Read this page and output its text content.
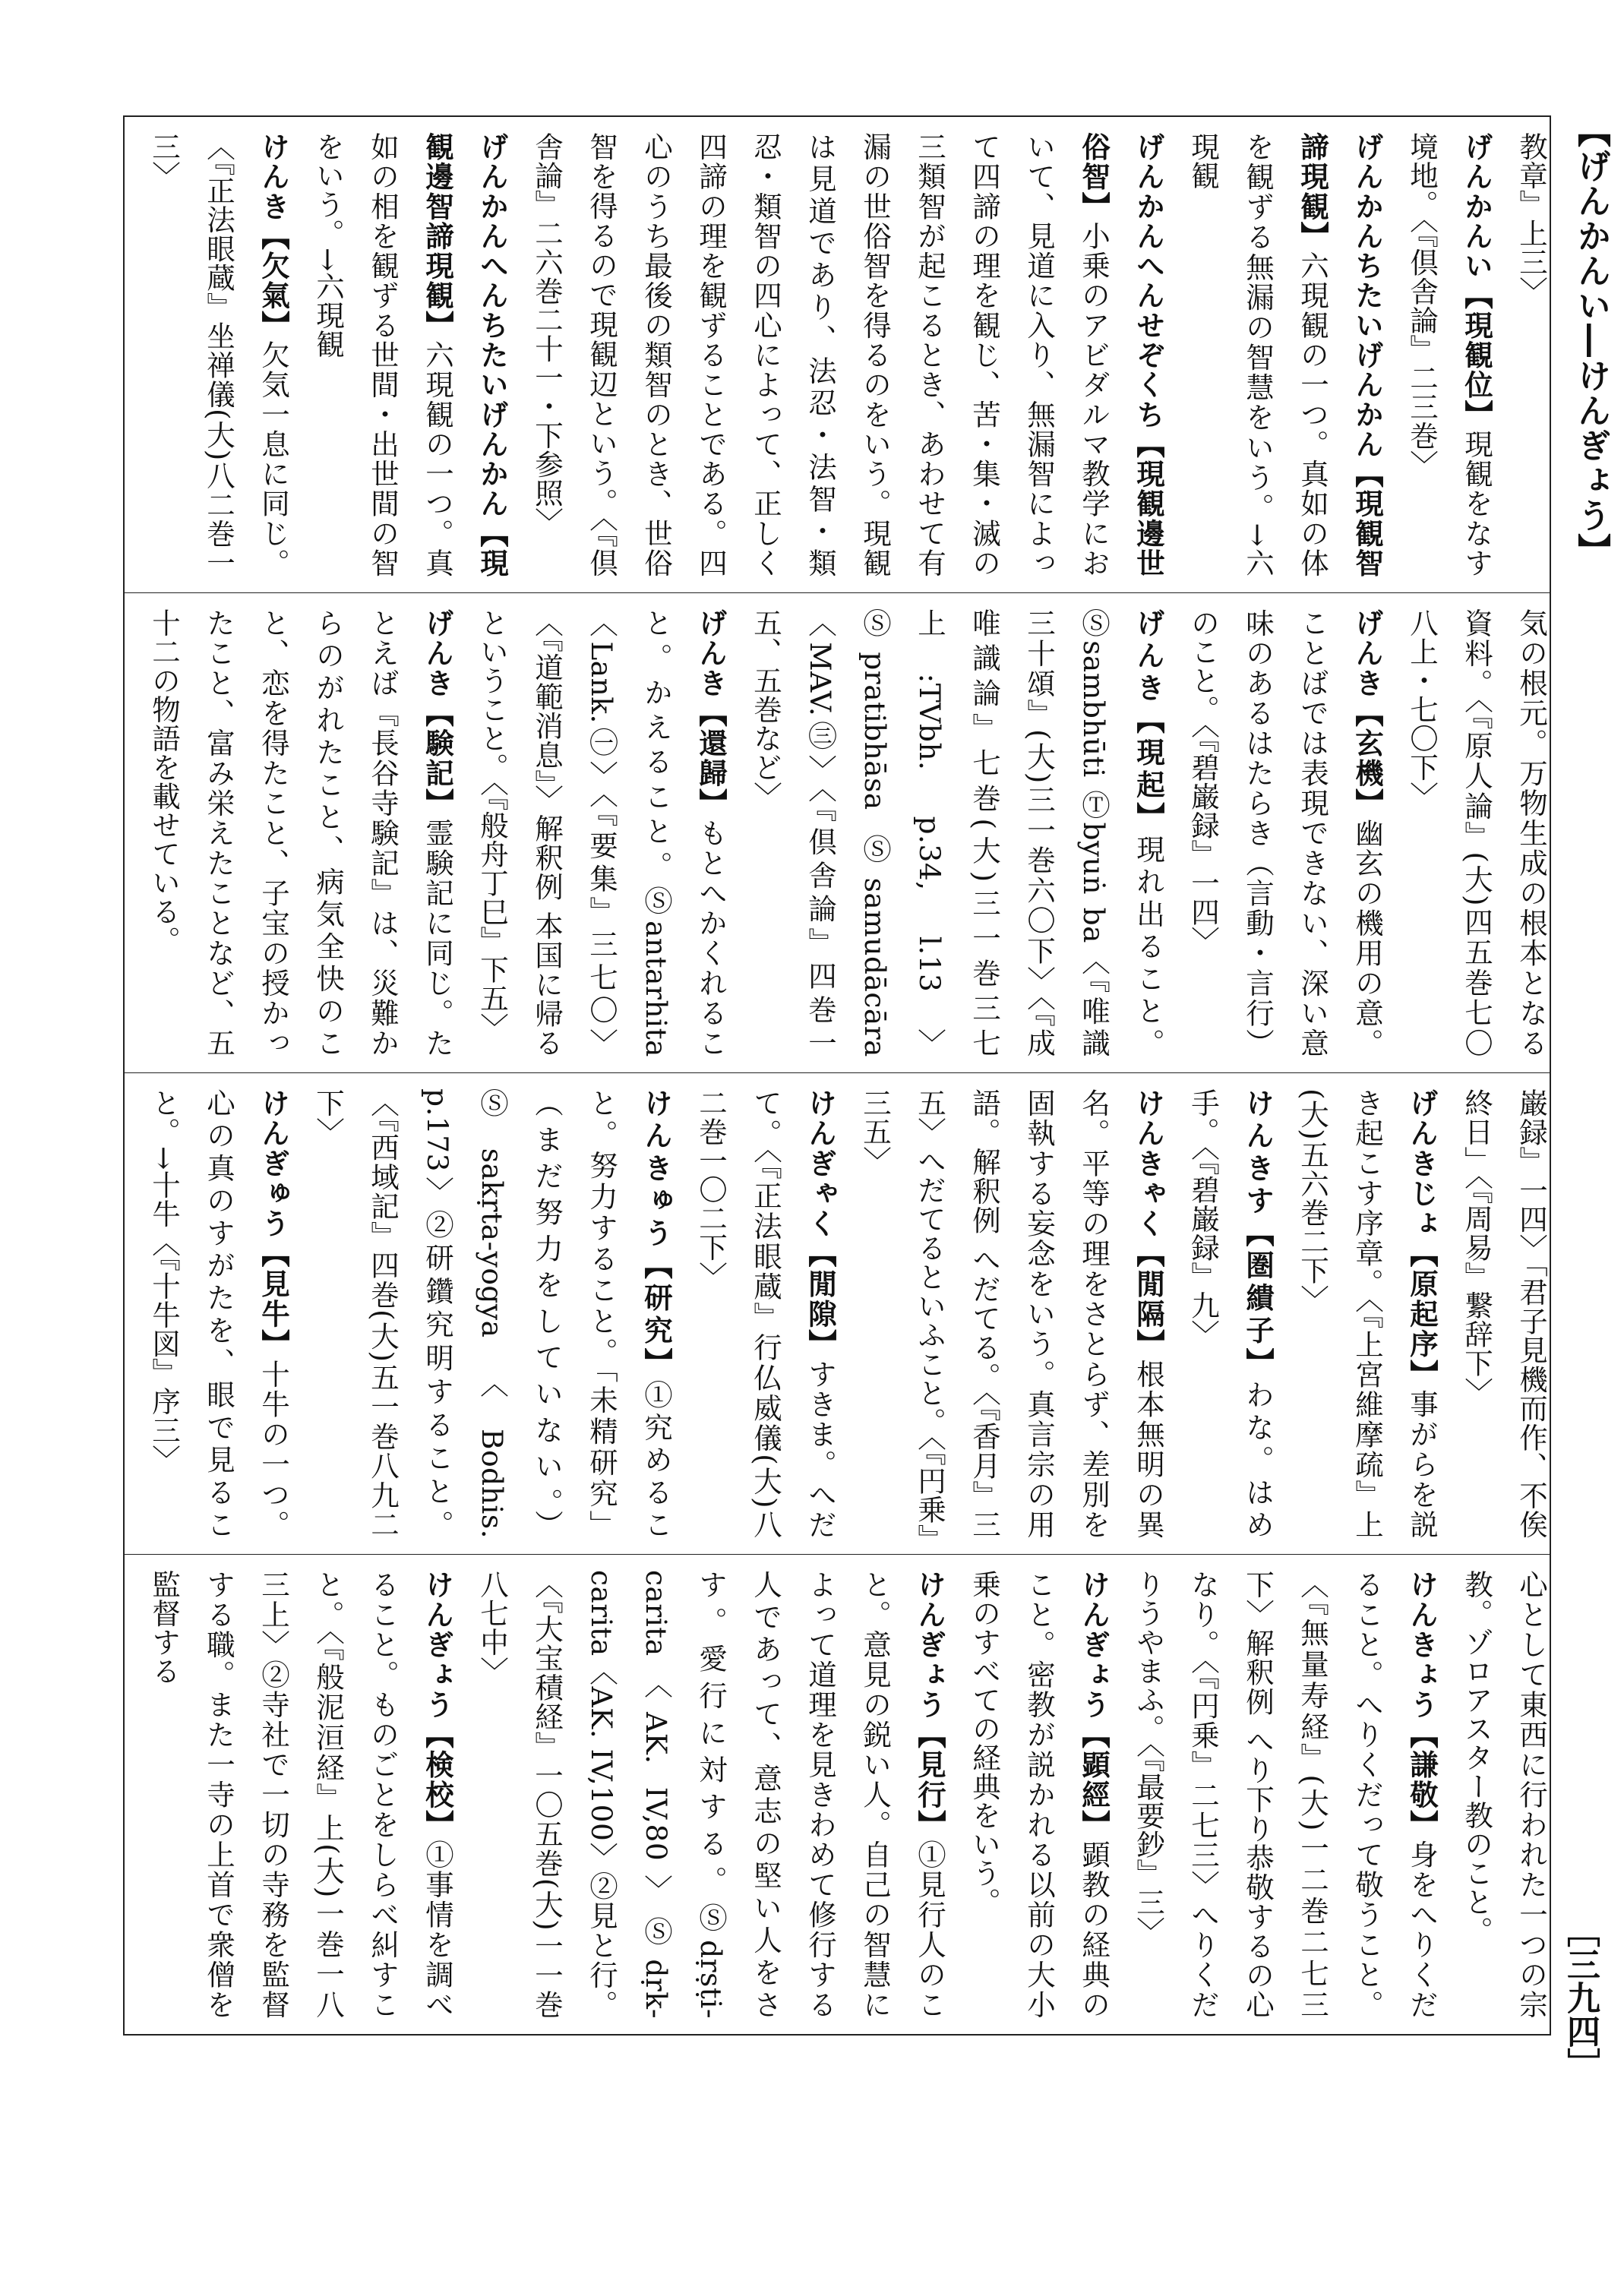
【げんかんい―けんぎょう】
［三九四］
教章』上三〉
げんかんい【現観位】現観をなす境地。〈『倶舎論』二三巻〉
げんかんちたいげんかん【現観智諦現観】六現観の一つ。真如の体を観ずる無漏の智慧をいう。→六現観
げんかんへんせぞくち【現観邊世俗智】小乗のアビダルマ教学において、見道に入り、無漏智によって四諦の理を観じ、苦・集・滅の三類智が起こるとき、あわせて有漏の世俗智を得るのをいう。現観は見道であり、法忍・法智・類忍・類智の四心によって、正しく四諦の理を観ずることである。四心のうち最後の類智のとき、世俗智を得るので現観辺という。〈『倶舎論』二六巻二十一・下参照〉
げんかんへんちたいげんかん【現観邊智諦現観】六現観の一つ。真如の相を観ずる世間・出世間の智をいう。→六現観
けんき【欠氣】欠気一息に同じ。〈『正法眼蔵』坐禅儀(大)八二巻一三〉

気の根元。万物生成の根本となる資料。〈『原人論』(大)四五巻七〇八上・七〇下〉
げんき【玄機】幽玄の機用の意。ことばでは表現できない、深い意味のあるはたらき（言動・言行）のこと。〈『碧巌録』一四〉
げんき【現起】現れ出ること。Ⓢsambhūti Ⓣbyuṅ ba〈『唯識三十頌』(大)三一巻六〇下〉〈『成唯識論』七巻(大)三一巻三七上:TVbh. p.34, l.13〉Ⓢpratibhāsa Ⓢsamudācāra〈MAV.㊂〉〈『倶舎論』四巻一五、五巻など〉
げんき【還歸】もとへかくれること。かえること。Ⓢantarhita〈Lank.㊀〉〈『要集』三七〇〉〈『道範消息』〉解釈例 本国に帰るということ。〈『般舟丁巳』下五〉
げんき【験記】霊験記に同じ。たとえば『長谷寺験記』は、災難からのがれたこと、病気全快のこと、恋を得たこと、子宝の授かったこと、富み栄えたことなど、五十二の物語を載せている。

巌録』一四〉「君子見機而作、不俟終日」〈『周易』繋辞下〉
げんきじょ【原起序】事がらを説き起こす序章。〈『上宮維摩疏』上(大)五六巻二下〉
けんきす【圏繢子】わな。はめ手。〈『碧巌録』九〉
けんきゃく【閒隔】根本無明の異名。平等の理をさとらず、差別を固執する妄念をいう。真言宗の用語。解釈例 へだてる。〈『香月』三五〉へだてるといふこと。〈『円乗』三五〉
けんぎゃく【閒隙】すきま。へだて。〈『正法眼蔵』行仏威儀(大)八二巻一〇二下〉
けんきゅう【研究】①究めること。努力すること。「未精研究」（まだ努力をしていない。）Ⓢsakṛta-yogya〈Bodhis. p.173〉②研鑽究明すること。〈『西域記』四巻(大)五一巻八九二下〉
けんぎゅう【見牛】十牛の一つ。心の真のすがたを、眼で見ること。→十牛〈『十牛図』序三〉

心として東西に行われた一つの宗教。ゾロアスター教のこと。
けんきょう【謙敬】身をへりくだること。へりくだって敬うこと。〈『無量寿経』(大)一二巻二七三下〉解釈例 へり下り恭敬するの心なり。〈『円乗』二七三〉へりくだりうやまふ。〈『最要鈔』三〉
けんぎょう【顕經】顕教の経典のこと。密教が説かれる以前の大小乗のすべての経典をいう。
けんぎょう【見行】①見行人のこと。意見の鋭い人。自己の智慧によって道理を見きわめて修行する人であって、意志の堅い人をさす。愛行に対する。Ⓢdṛṣṭi-carita〈AK. IV,80〉Ⓢdṛk-carita〈AK. IV,100〉②見と行。〈『大宝積経』一〇五巻(大)一一巻八七中〉
けんぎょう【検校】①事情を調べること。ものごとをしらべ糾すこと。〈『般泥洹経』上(大)一巻一八三上〉②寺社で一切の寺務を監督する職。また一寺の上首で衆僧を監督する
